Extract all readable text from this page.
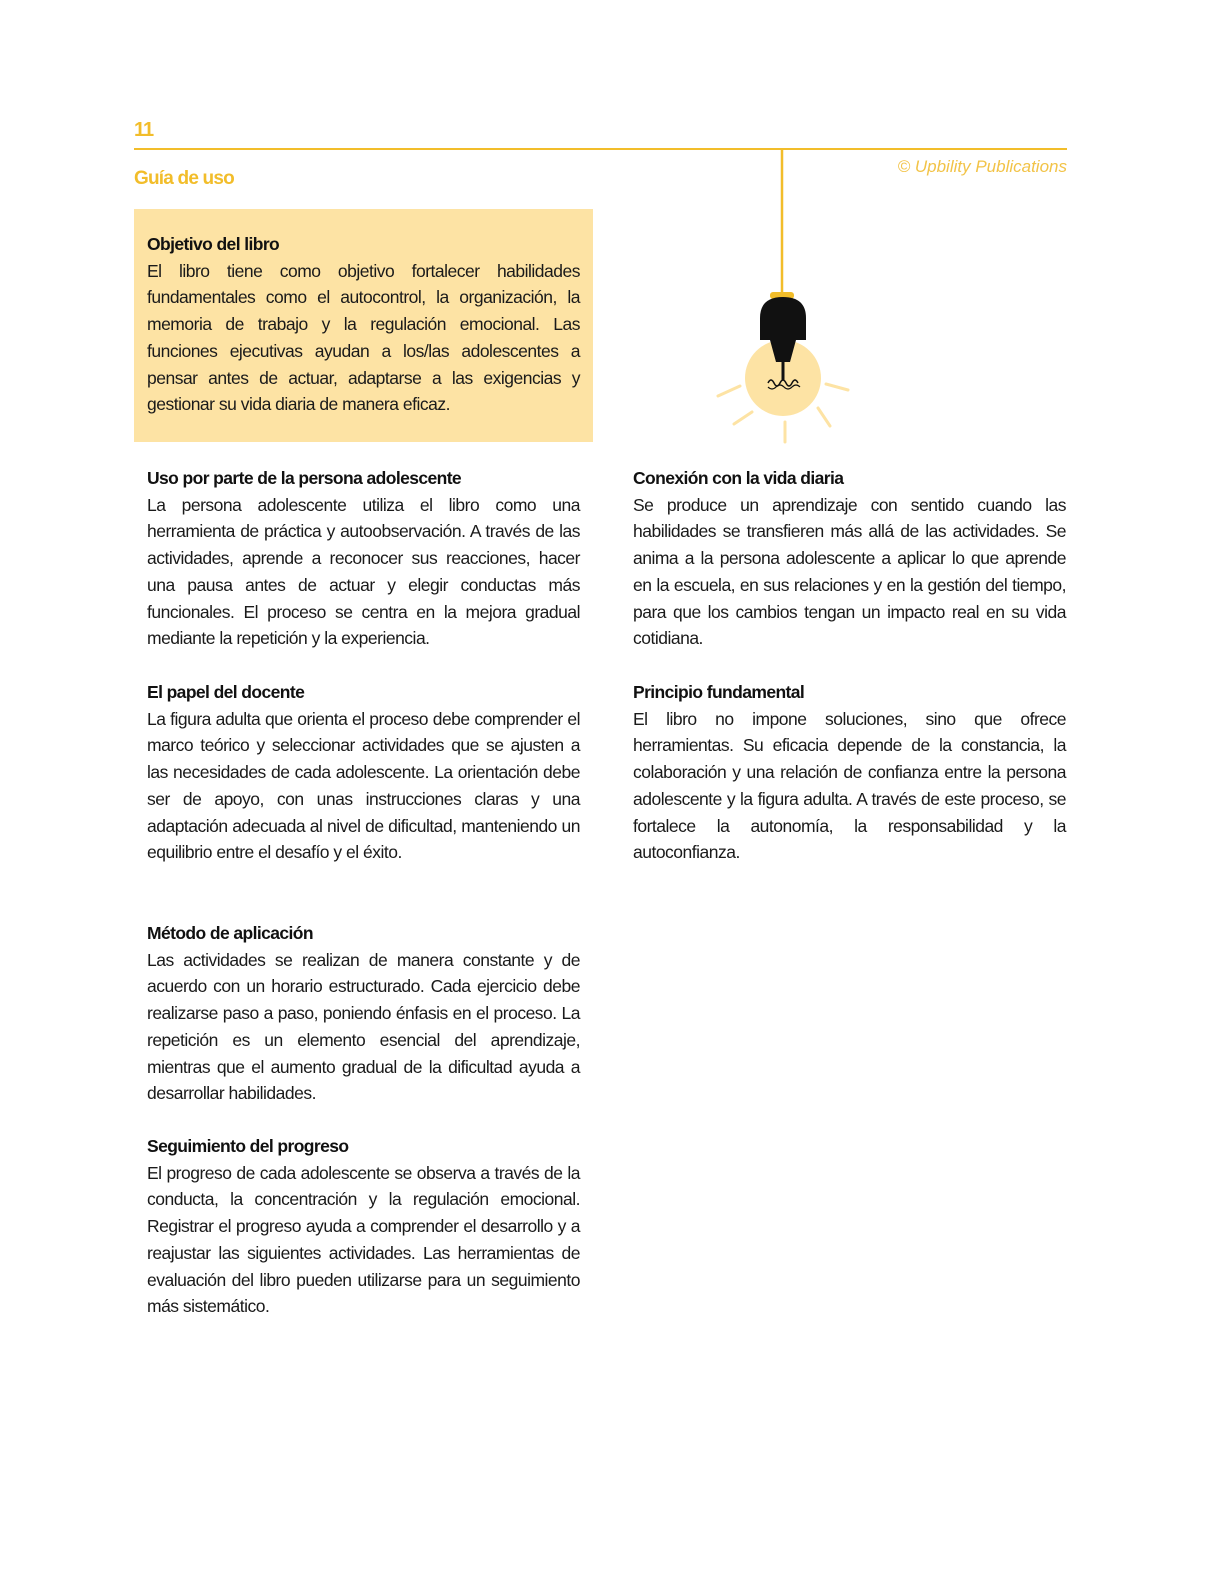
11
Guía de uso
© Upbility Publications
Objetivo del libro

El libro tiene como objetivo fortalecer habilidades fundamentales como el autocontrol, la organización, la memoria de trabajo y la regulación emocional. Las funciones ejecutivas ayudan a los/las adolescentes a pensar antes de actuar, adaptarse a las exigencias y gestionar su vida diaria de manera eficaz.

Uso por parte de la persona adolescente

La persona adolescente utiliza el libro como una herramienta de práctica y autoobservación. A través de las actividades, aprende a reconocer sus reacciones, hacer una pausa antes de actuar y elegir conductas más funcionales. El proceso se centra en la mejora gradual mediante la repetición y la experiencia.

El papel del docente

La figura adulta que orienta el proceso debe comprender el marco teórico y seleccionar actividades que se ajusten a las necesidades de cada adolescente. La orientación debe ser de apoyo, con unas instrucciones claras y una adaptación adecuada al nivel de dificultad, manteniendo un equilibrio entre el desafío y el éxito.

Método de aplicación

Las actividades se realizan de manera constante y de acuerdo con un horario estructurado. Cada ejercicio debe realizarse paso a paso, poniendo énfasis en el proceso. La repetición es un elemento esencial del aprendizaje, mientras que el aumento gradual de la dificultad ayuda a desarrollar habilidades.

Seguimiento del progreso

El progreso de cada adolescente se observa a través de la conducta, la concentración y la regulación emocional. Registrar el progreso ayuda a comprender el desarrollo y a reajustar las siguientes actividades. Las herramientas de evaluación del libro pueden utilizarse para un seguimiento más sistemático.

Conexión con la vida diaria

Se produce un aprendizaje con sentido cuando las habilidades se transfieren más allá de las actividades. Se anima a la persona adolescente a aplicar lo que aprende en la escuela, en sus relaciones y en la gestión del tiempo, para que los cambios tengan un impacto real en su vida cotidiana.

Principio fundamental

El libro no impone soluciones, sino que ofrece herramientas. Su eficacia depende de la constancia, la colaboración y una relación de confianza entre la persona adolescente y la figura adulta. A través de este proceso, se fortalece la autonomía, la responsabilidad y la autoconfianza.
